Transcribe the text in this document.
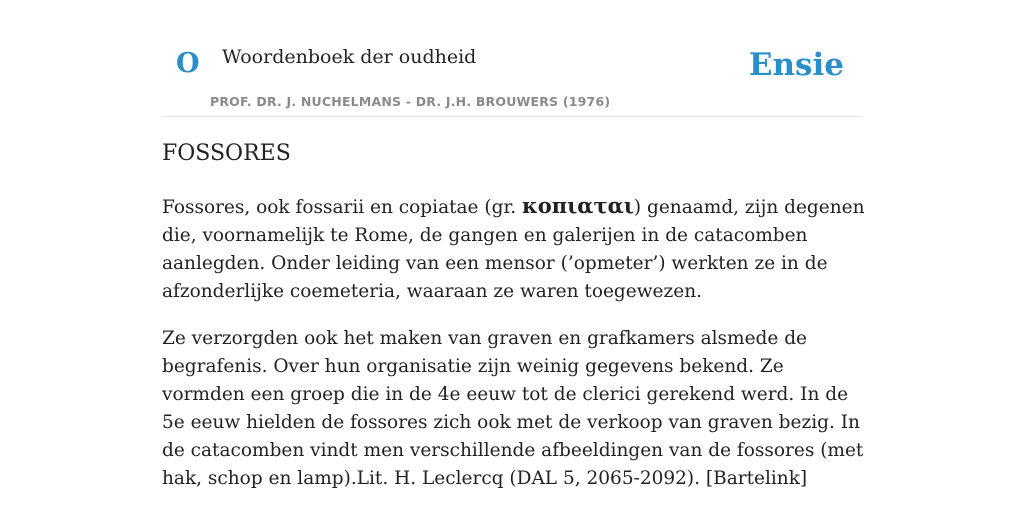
O Woordenboek der oudheid
PROF. DR. J. NUCHELMANS - DR. J.H. BROUWERS (1976)
Ensie
FOSSORES

Fossores, ook fossarii en copiatae (gr. κοπιαται) genaamd, zijn degenen die, voornamelijk te Rome, de gangen en galerijen in de catacomben aanlegden. Onder leiding van een mensor (’opmeter’) werkten ze in de afzonderlijke coemeteria, waaraan ze waren toegewezen.

Ze verzorgden ook het maken van graven en grafkamers alsmede de begrafenis. Over hun organisatie zijn weinig gegevens bekend. Ze vormden een groep die in de 4e eeuw tot de clerici gerekend werd. In de 5e eeuw hielden de fossores zich ook met de verkoop van graven bezig. In de catacomben vindt men verschillende afbeeldingen van de fossores (met hak, schop en lamp).Lit. H. Leclercq (DAL 5, 2065-2092). [Bartelink]
